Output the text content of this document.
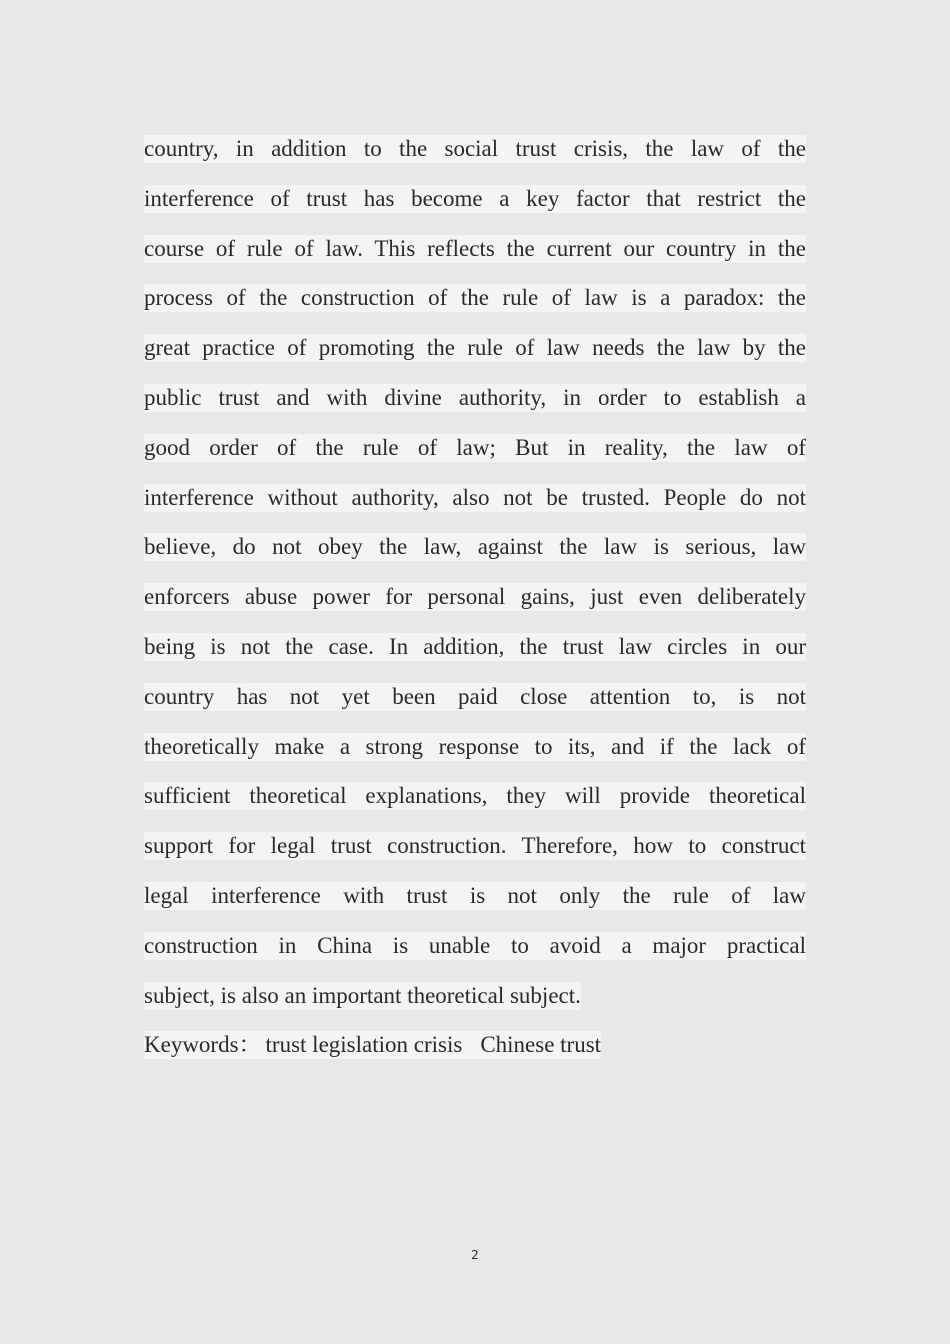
country, in addition to the social trust crisis, the law of the
interference of trust has become a key factor that restrict the
course of rule of law. This reflects the current our country in the
process of the construction of the rule of law is a paradox: the
great practice of promoting the rule of law needs the law by the
public trust and with divine authority, in order to establish a
good order of the rule of law; But in reality, the law of
interference without authority, also not be trusted. People do not
believe, do not obey the law, against the law is serious, law
enforcers abuse power for personal gains, just even deliberately
being is not the case. In addition, the trust law circles in our
country has not yet been paid close attention to, is not
theoretically make a strong response to its, and if the lack of
sufficient theoretical explanations, they will provide theoretical
support for legal trust construction. Therefore, how to construct
legal interference with trust is not only the rule of law
construction in China is unable to avoid a major practical
subject, is also an important theoretical subject.
Keywords： trust legislation crisis Chinese trust
2
